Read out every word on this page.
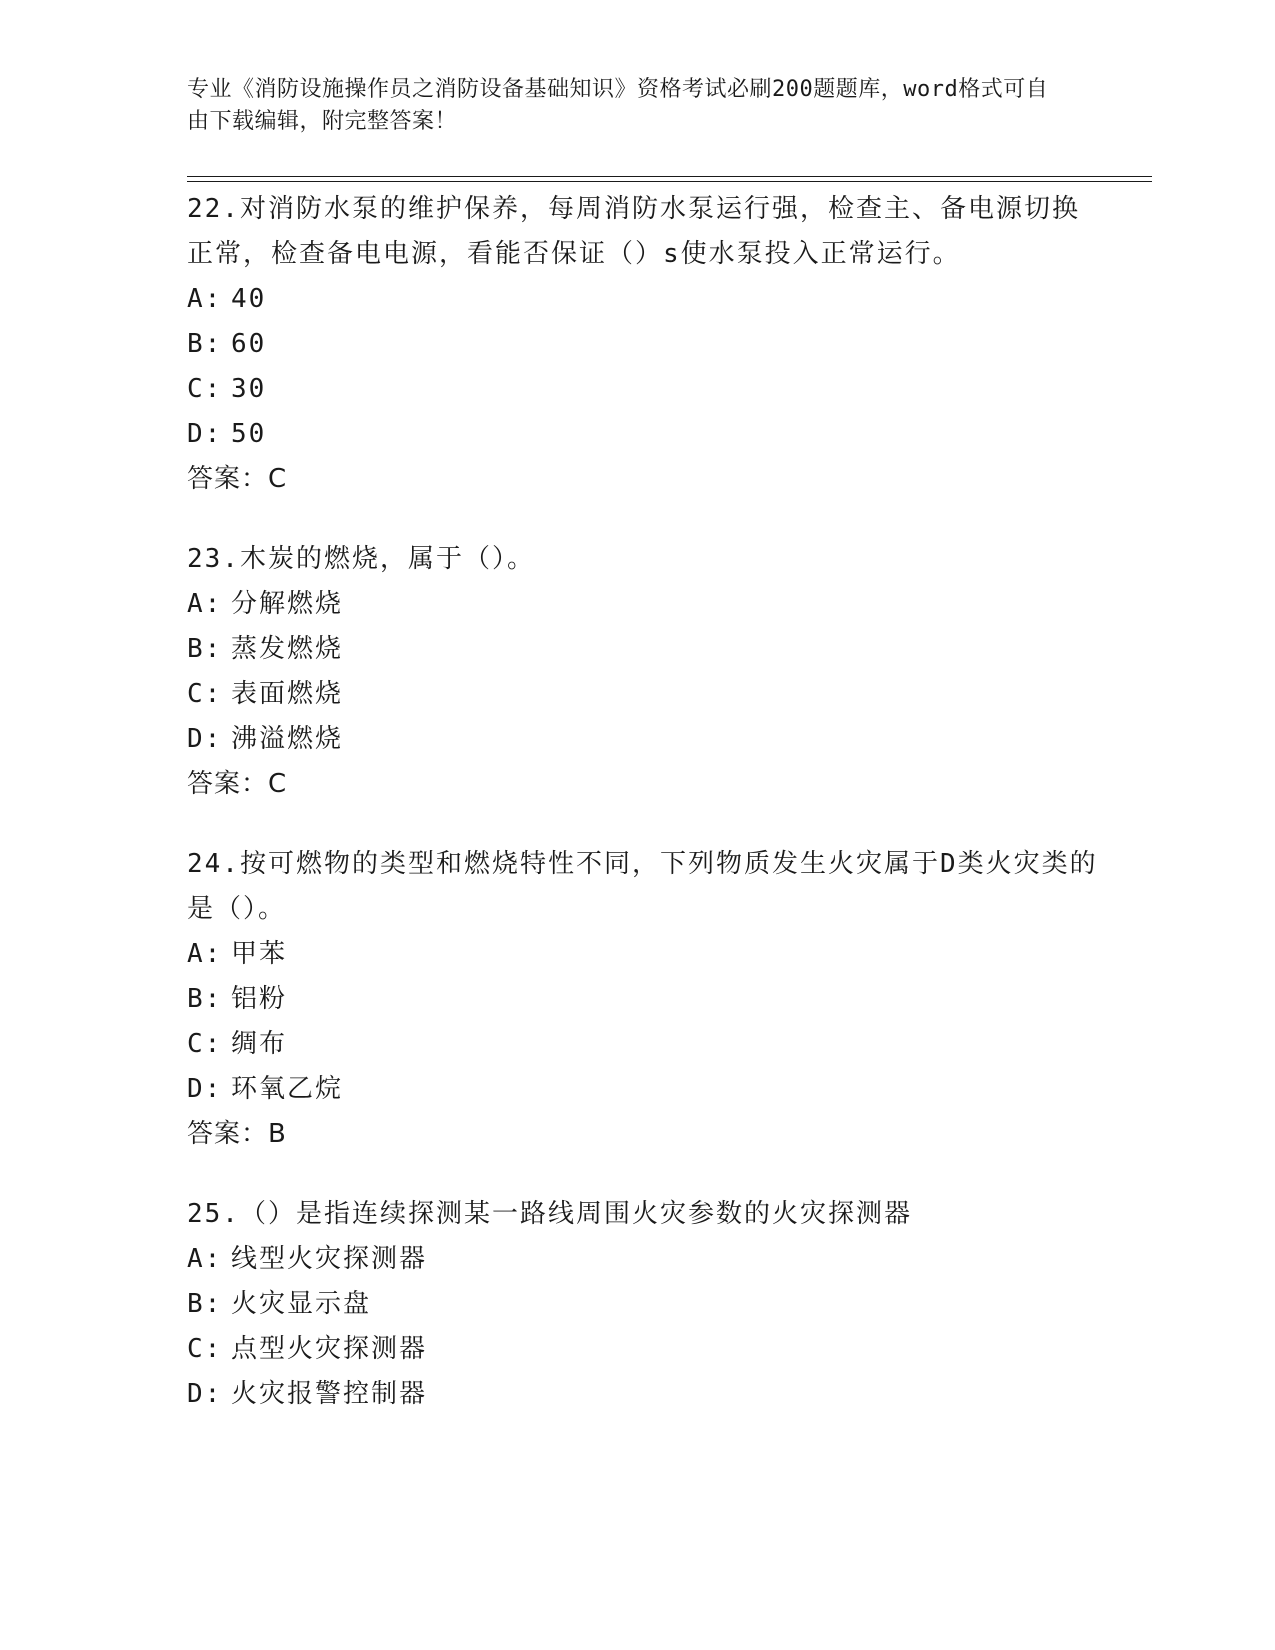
专业《消防设施操作员之消防设备基础知识》资格考试必刷200题题库，word格式可自由下载编辑，附完整答案！

22.对消防水泵的维护保养，每周消防水泵运行强，检查主、备电源切换正常，检查备电电源，看能否保证（）s使水泵投入正常运行。

A: 40

B: 60

C: 30

D: 50

答案：C

23.木炭的燃烧，属于（）。

A: 分解燃烧

B: 蒸发燃烧

C: 表面燃烧

D: 沸溢燃烧

答案：C

24.按可燃物的类型和燃烧特性不同，下列物质发生火灾属于D类火灾类的是（）。

A: 甲苯

B: 铝粉

C: 绸布

D: 环氧乙烷

答案：B

25.（）是指连续探测某一路线周围火灾参数的火灾探测器

A: 线型火灾探测器

B: 火灾显示盘

C: 点型火灾探测器

D: 火灾报警控制器
